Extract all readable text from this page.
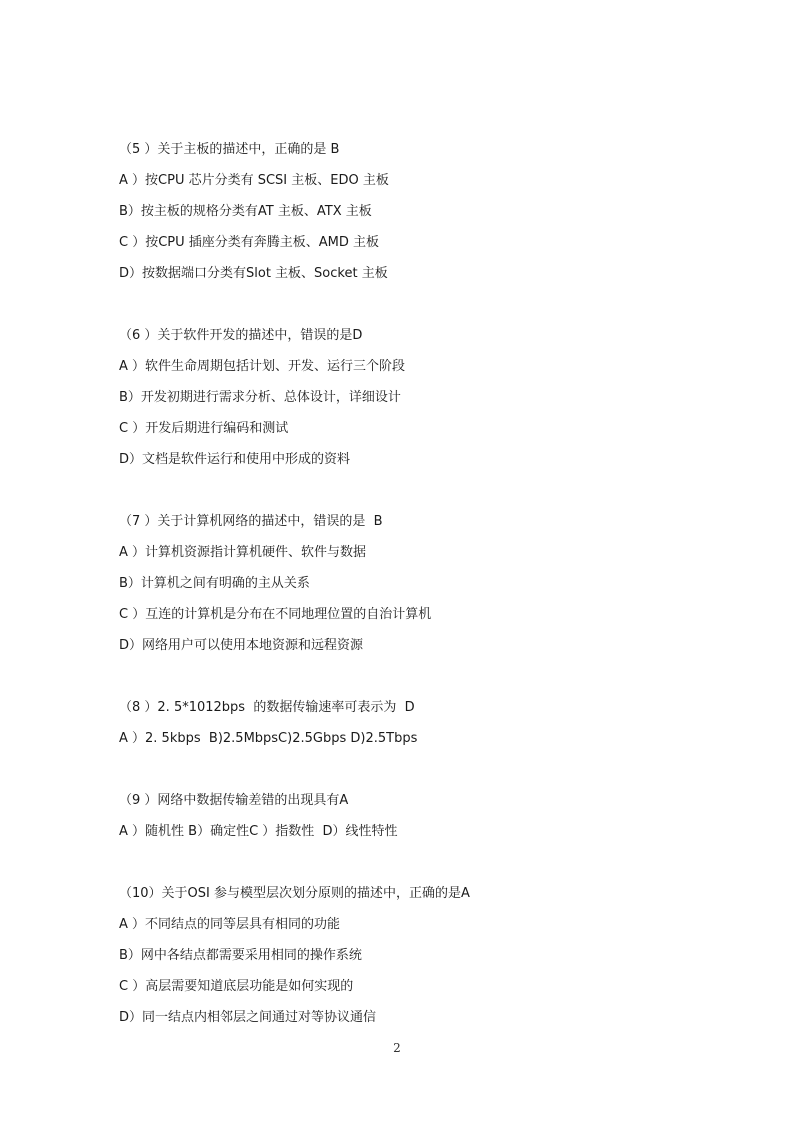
（5 ）关于主板的描述中，正确的是 B
A ）按CPU 芯片分类有 SCSI 主板、EDO 主板
B）按主板的规格分类有AT 主板、ATX 主板
C ）按CPU 插座分类有奔腾主板、AMD 主板
D）按数据端口分类有Slot 主板、Socket 主板
（6 ）关于软件开发的描述中，错误的是D
A ）软件生命周期包括计划、开发、运行三个阶段
B）开发初期进行需求分析、总体设计，详细设计
C ）开发后期进行编码和测试
D）文档是软件运行和使用中形成的资料
（7 ）关于计算机网络的描述中，错误的是  B
A ）计算机资源指计算机硬件、软件与数据
B）计算机之间有明确的主从关系
C ）互连的计算机是分布在不同地理位置的自治计算机
D）网络用户可以使用本地资源和远程资源
（8 ）2. 5*1012bps  的数据传输速率可表示为  D
A ）2. 5kbps  B)2.5MbpsC)2.5Gbps D)2.5Tbps
（9 ）网络中数据传输差错的出现具有A
A ）随机性 B）确定性C ）指数性  D）线性特性
（10）关于OSI 参与模型层次划分原则的描述中，正确的是A
A ）不同结点的同等层具有相同的功能
B）网中各结点都需要采用相同的操作系统
C ）高层需要知道底层功能是如何实现的
D）同一结点内相邻层之间通过对等协议通信
2
